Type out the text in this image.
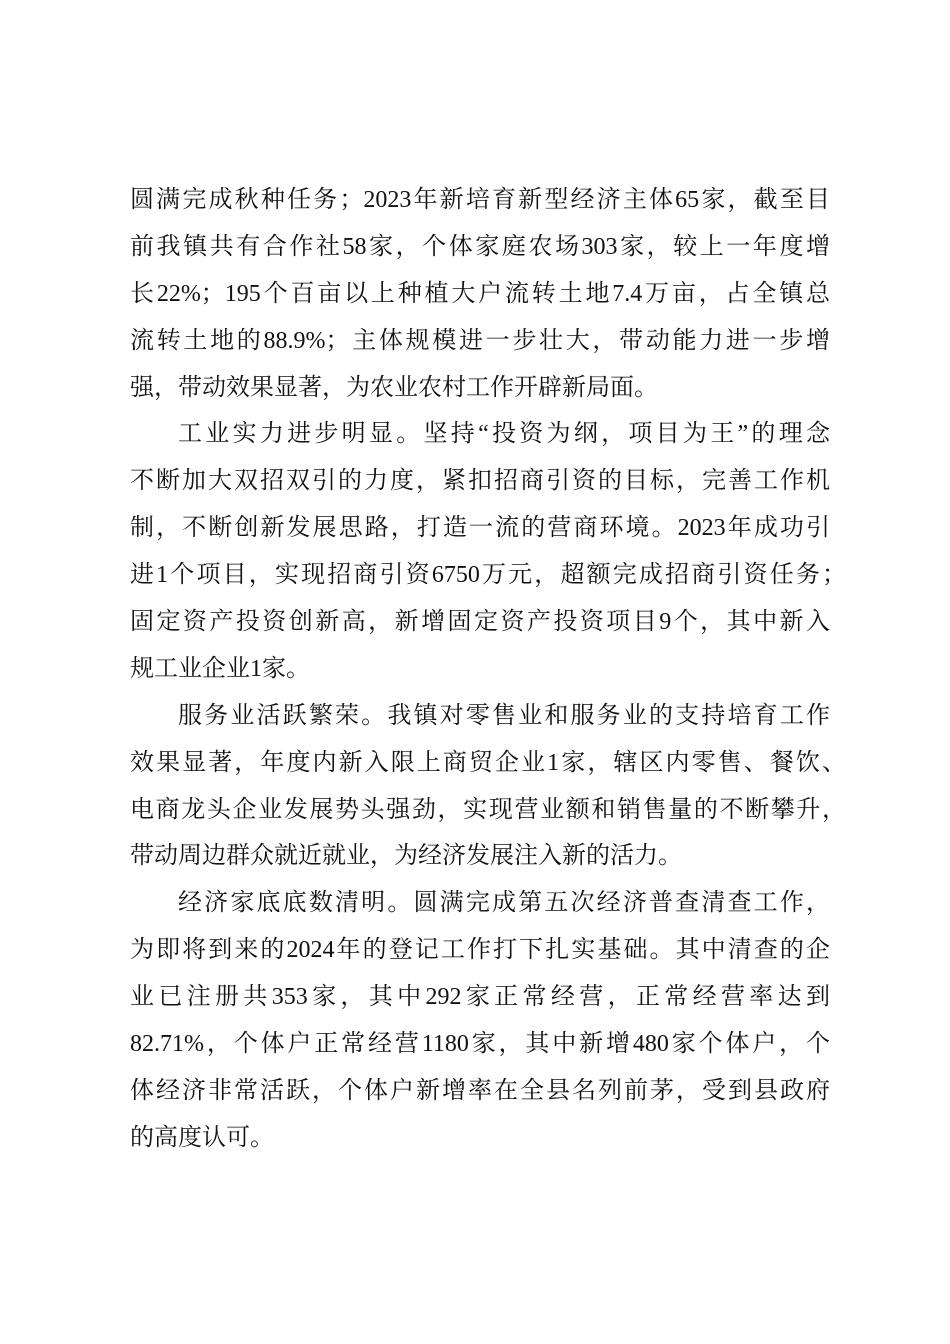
圆满完成秋种任务；2023年新培育新型经济主体65家，截至目
前我镇共有合作社58家，个体家庭农场303家，较上一年度增
长22%；195个百亩以上种植大户流转土地7.4万亩，占全镇总
流转土地的88.9%；主体规模进一步壮大，带动能力进一步增
强，带动效果显著，为农业农村工作开辟新局面。
工业实力进步明显。坚持“投资为纲，项目为王”的理念
不断加大双招双引的力度，紧扣招商引资的目标，完善工作机
制，不断创新发展思路，打造一流的营商环境。2023年成功引
进1个项目，实现招商引资6750万元，超额完成招商引资任务；
固定资产投资创新高，新增固定资产投资项目9个，其中新入
规工业企业1家。
服务业活跃繁荣。我镇对零售业和服务业的支持培育工作
效果显著，年度内新入限上商贸企业1家，辖区内零售、餐饮、
电商龙头企业发展势头强劲，实现营业额和销售量的不断攀升，
带动周边群众就近就业，为经济发展注入新的活力。
经济家底底数清明。圆满完成第五次经济普查清查工作，
为即将到来的2024年的登记工作打下扎实基础。其中清查的企
业已注册共353家，其中292家正常经营，正常经营率达到
82.71%，个体户正常经营1180家，其中新增480家个体户，个
体经济非常活跃，个体户新增率在全县名列前茅，受到县政府
的高度认可。
